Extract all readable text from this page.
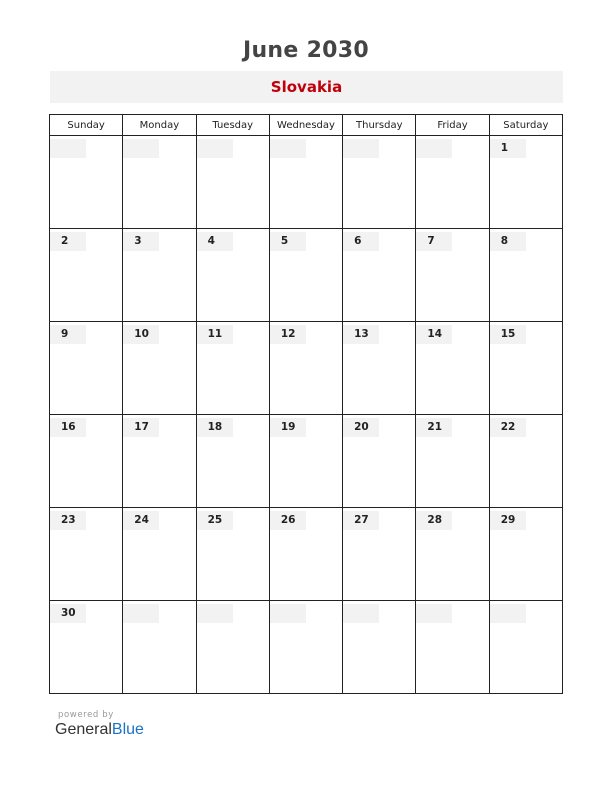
June 2030
Slovakia
Sunday	Monday	Tuesday	Wednesday	Thursday	Friday	Saturday

						1

2	3	4	5	6	7	8

9	10	11	12	13	14	15

16	17	18	19	20	21	22

23	24	25	26	27	28	29

30						

powered by
GeneralBlue
